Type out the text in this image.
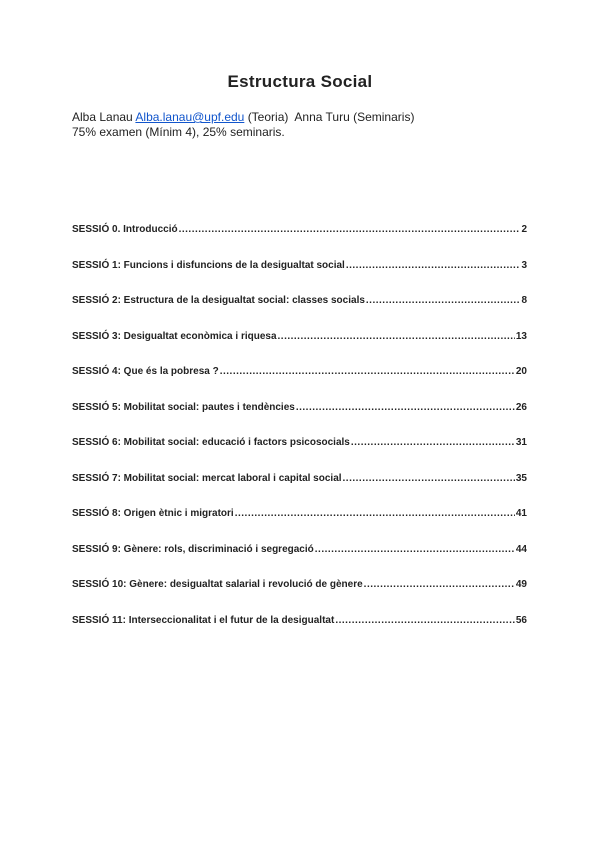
Estructura Social
Alba Lanau Alba.lanau@upf.edu (Teoria) Anna Turu (Seminaris)
75% examen (Mínim 4), 25% seminaris.
SESSIÓ 0. Introducció .....	2
SESSIÓ 1: Funcions i disfuncions de la desigualtat social .....	3
SESSIÓ 2: Estructura de la desigualtat social: classes socials .....	8
SESSIÓ 3: Desigualtat econòmica i riquesa .....	13
SESSIÓ 4: Que és la pobresa ? .....	20
SESSIÓ 5: Mobilitat social: pautes i tendències .....	26
SESSIÓ 6: Mobilitat social: educació i factors psicosocials .....	31
SESSIÓ 7: Mobilitat social: mercat laboral i capital social .....	35
SESSIÓ 8: Origen ètnic i migratori .....	41
SESSIÓ 9: Gènere: rols, discriminació i segregació .....	44
SESSIÓ 10: Gènere: desigualtat salarial i revolució de gènere .....	49
SESSIÓ 11: Interseccionalitat i el futur de la desigualtat .....	56
